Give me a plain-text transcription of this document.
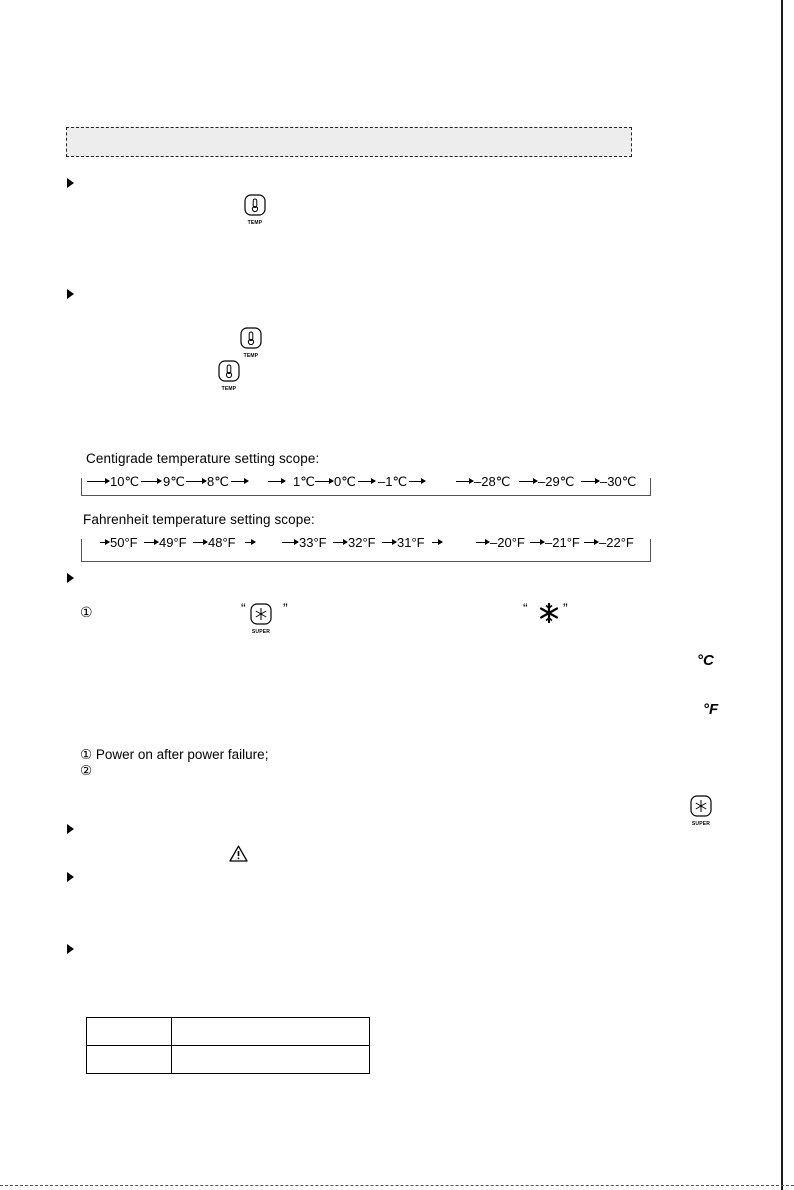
TEMP
TEMP
TEMP
Centigrade temperature setting scope:
10℃ 9℃ 8℃	1℃ 0℃ –1℃	–28℃ –29℃ –30℃
Fahrenheit temperature setting scope:
50°F 49°F 48°F	33°F 32°F 31°F	–20°F –21°F –22°F
①	“
SUPER
”	“	”
°C
°F
① Power on after power failure;
②
SUPER
